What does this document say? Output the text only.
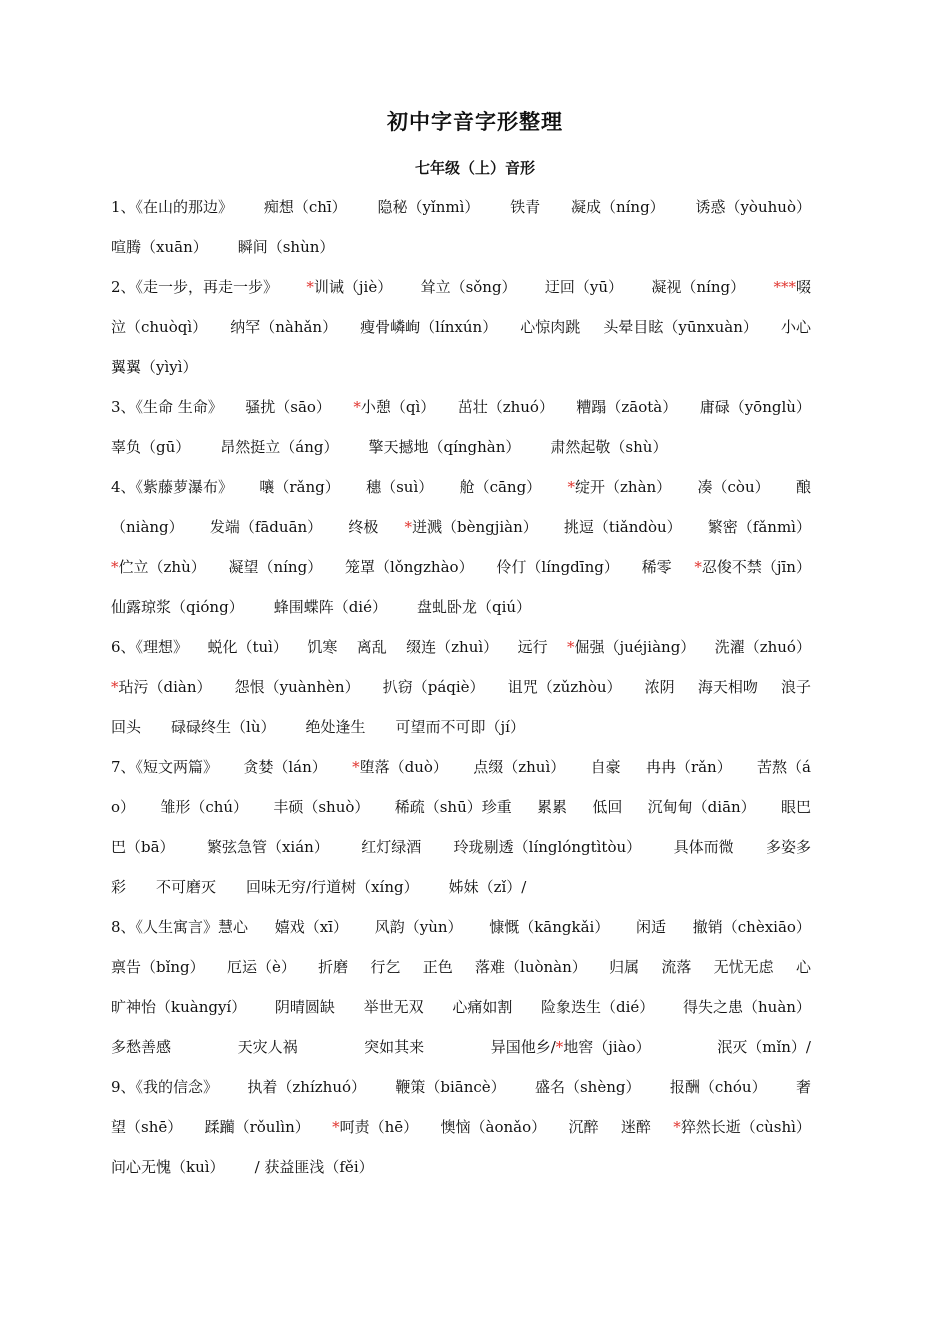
初中字音字形整理
七年级（上）音形
1、《在山的那边》 痴想（chī） 隐秘（yǐnmì） 铁青 凝成（níng） 诱惑（yòuhuò）
喧腾（xuān） 瞬间（shùn）
2、《走一步，再走一步》 *训诫（jiè） 耸立（sǒng） 迂回（yū） 凝视（níng） ***啜
泣（chuòqì） 纳罕（nàhǎn） 瘦骨嶙峋（línxún） 心惊肉跳 头晕目眩（yūnxuàn） 小心
翼翼（yìyì）
3、《生命 生命》 骚扰（sāo） *小憩（qì） 茁壮（zhuó） 糟蹋（zāotà） 庸碌（yōnglù）
辜负（gū） 昂然挺立（áng） 擎天撼地（qínghàn） 肃然起敬（shù）
4、《紫藤萝瀑布》 嚷（rǎng） 穗（suì） 舱（cāng） *绽开（zhàn） 凑（còu） 酿
（niàng） 发端（fāduān） 终极 *迸溅（bèngjiàn） 挑逗（tiǎndòu） 繁密（fǎnmì）
*伫立（zhù） 凝望（níng） 笼罩（lǒngzhào） 伶仃（língdīng） 稀零 *忍俊不禁（jīn）
仙露琼浆（qióng） 蜂围蝶阵（dié） 盘虬卧龙（qiú）
6、《理想》 蜕化（tuì） 饥寒 离乱 缀连（zhuì） 远行 *倔强（juéjiàng） 洗濯（zhuó）
*玷污（diàn） 怨恨（yuànhèn） 扒窃（páqiè） 诅咒（zǔzhòu） 浓阴 海天相吻 浪子
回头 碌碌终生（lù） 绝处逢生 可望而不可即（jí）
7、《短文两篇》 贪婪（lán） *堕落（duò） 点缀（zhuì） 自豪 冉冉（rǎn） 苦熬（á
o） 雏形（chú） 丰硕（shuò） 稀疏（shū）珍重 累累 低回 沉甸甸（diān） 眼巴
巴（bā） 繁弦急管（xián） 红灯绿酒 玲珑剔透（línglóngtìtòu） 具体而微 多姿多
彩 不可磨灭 回味无穷/行道树（xíng） 姊妹（zǐ）/
8、《人生寓言》慧心 嬉戏（xī） 风韵（yùn） 慷慨（kāngkǎi） 闲适 撤销（chèxiāo）
禀告（bǐng） 厄运（è） 折磨 行乞 正色 落难（luònàn） 归属 流落 无忧无虑 心
旷神怡（kuàngyí） 阴晴圆缺 举世无双 心痛如割 险象迭生（dié） 得失之患（huàn）
多愁善感	天灾人祸	突如其来	异国他乡/*地窖（jiào）	泯灭（mǐn）/
9、《我的信念》 执着（zhízhuó） 鞭策（biāncè） 盛名（shèng） 报酬（chóu） 奢
望（shē） 蹂躏（rǒulìn） *呵责（hē） 懊恼（àonǎo） 沉醉 迷醉 *猝然长逝（cùshì）
问心无愧（kuì） / 获益匪浅（fěi）
